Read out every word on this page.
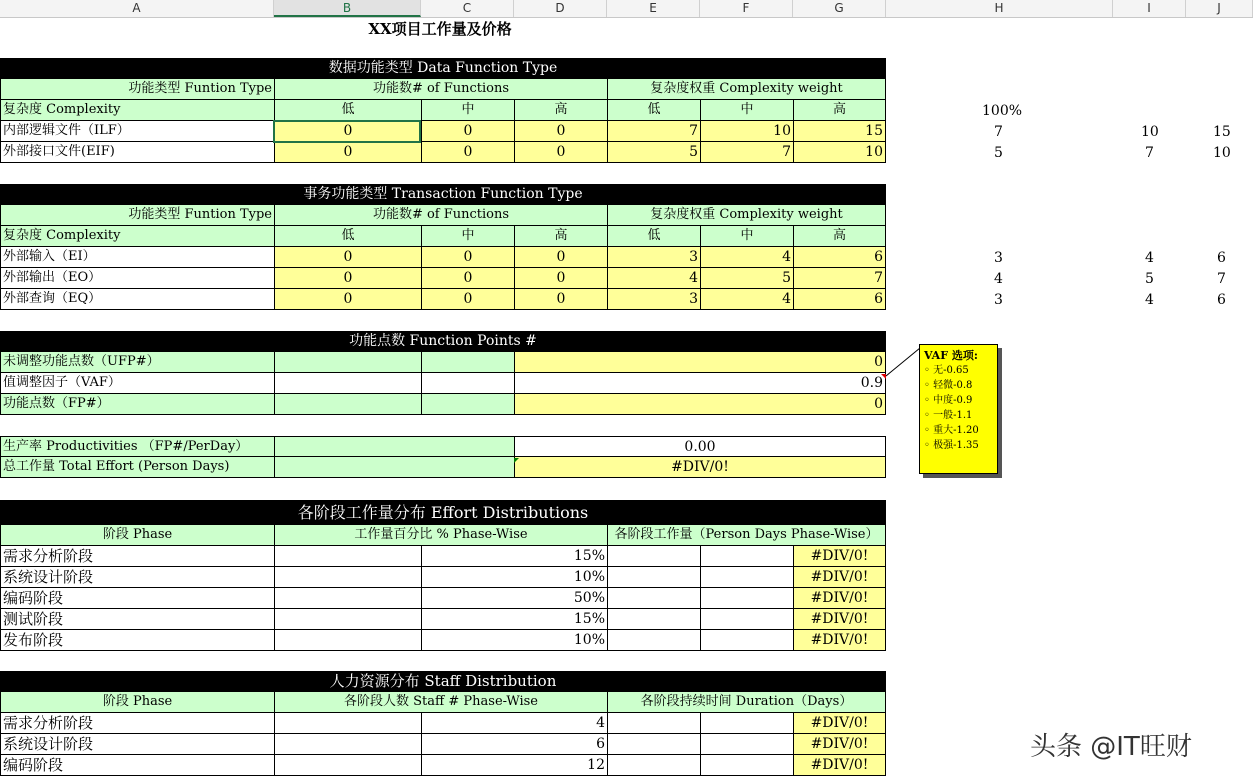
A	B	C	D	E	F	G	H	I	J
XX项目工作量及价格
数据功能类型 Data Function Type
功能类型 Funtion Type	功能数# of Functions	复杂度权重 Complexity weight
复杂度 Complexity	低	中	高	低	中	高	100%
内部逻辑文件（ILF）	0	0	0	7	10	15	7	10	15
外部接口文件(EIF)	0	0	0	5	7	10	5	7	10
事务功能类型 Transaction Function Type
功能类型 Funtion Type	功能数# of Functions	复杂度权重 Complexity weight
复杂度 Complexity	低	中	高	低	中	高
外部输入（EI）	0	0	0	3	4	6	3	4	6
外部输出（EO）	0	0	0	4	5	7	4	5	7
外部查询（EQ）	0	0	0	3	4	6	3	4	6
功能点数 Function Points #
未调整功能点数（UFP#）	0
值调整因子（VAF）	0.9
功能点数（FP#）	0
生产率 Productivities （FP#/PerDay）	0.00
总工作量 Total Effort (Person Days)	#DIV/0!
各阶段工作量分布 Effort Distributions
阶段 Phase	工作量百分比 % Phase-Wise	各阶段工作量（Person Days Phase-Wise）
需求分析阶段	15%	#DIV/0!
系统设计阶段	10%	#DIV/0!
编码阶段	50%	#DIV/0!
测试阶段	15%	#DIV/0!
发布阶段	10%	#DIV/0!
人力资源分布 Staff Distribution
阶段 Phase	各阶段人数 Staff # Phase-Wise	各阶段持续时间 Duration（Days）
需求分析阶段	4	#DIV/0!
系统设计阶段	6	#DIV/0!
编码阶段	12	#DIV/0!
VAF 选项:
◦ 无-0.65
◦ 轻微-0.8
◦ 中度-0.9
◦ 一般-1.1
◦ 重大-1.20
◦ 极强-1.35
头条 @IT旺财
